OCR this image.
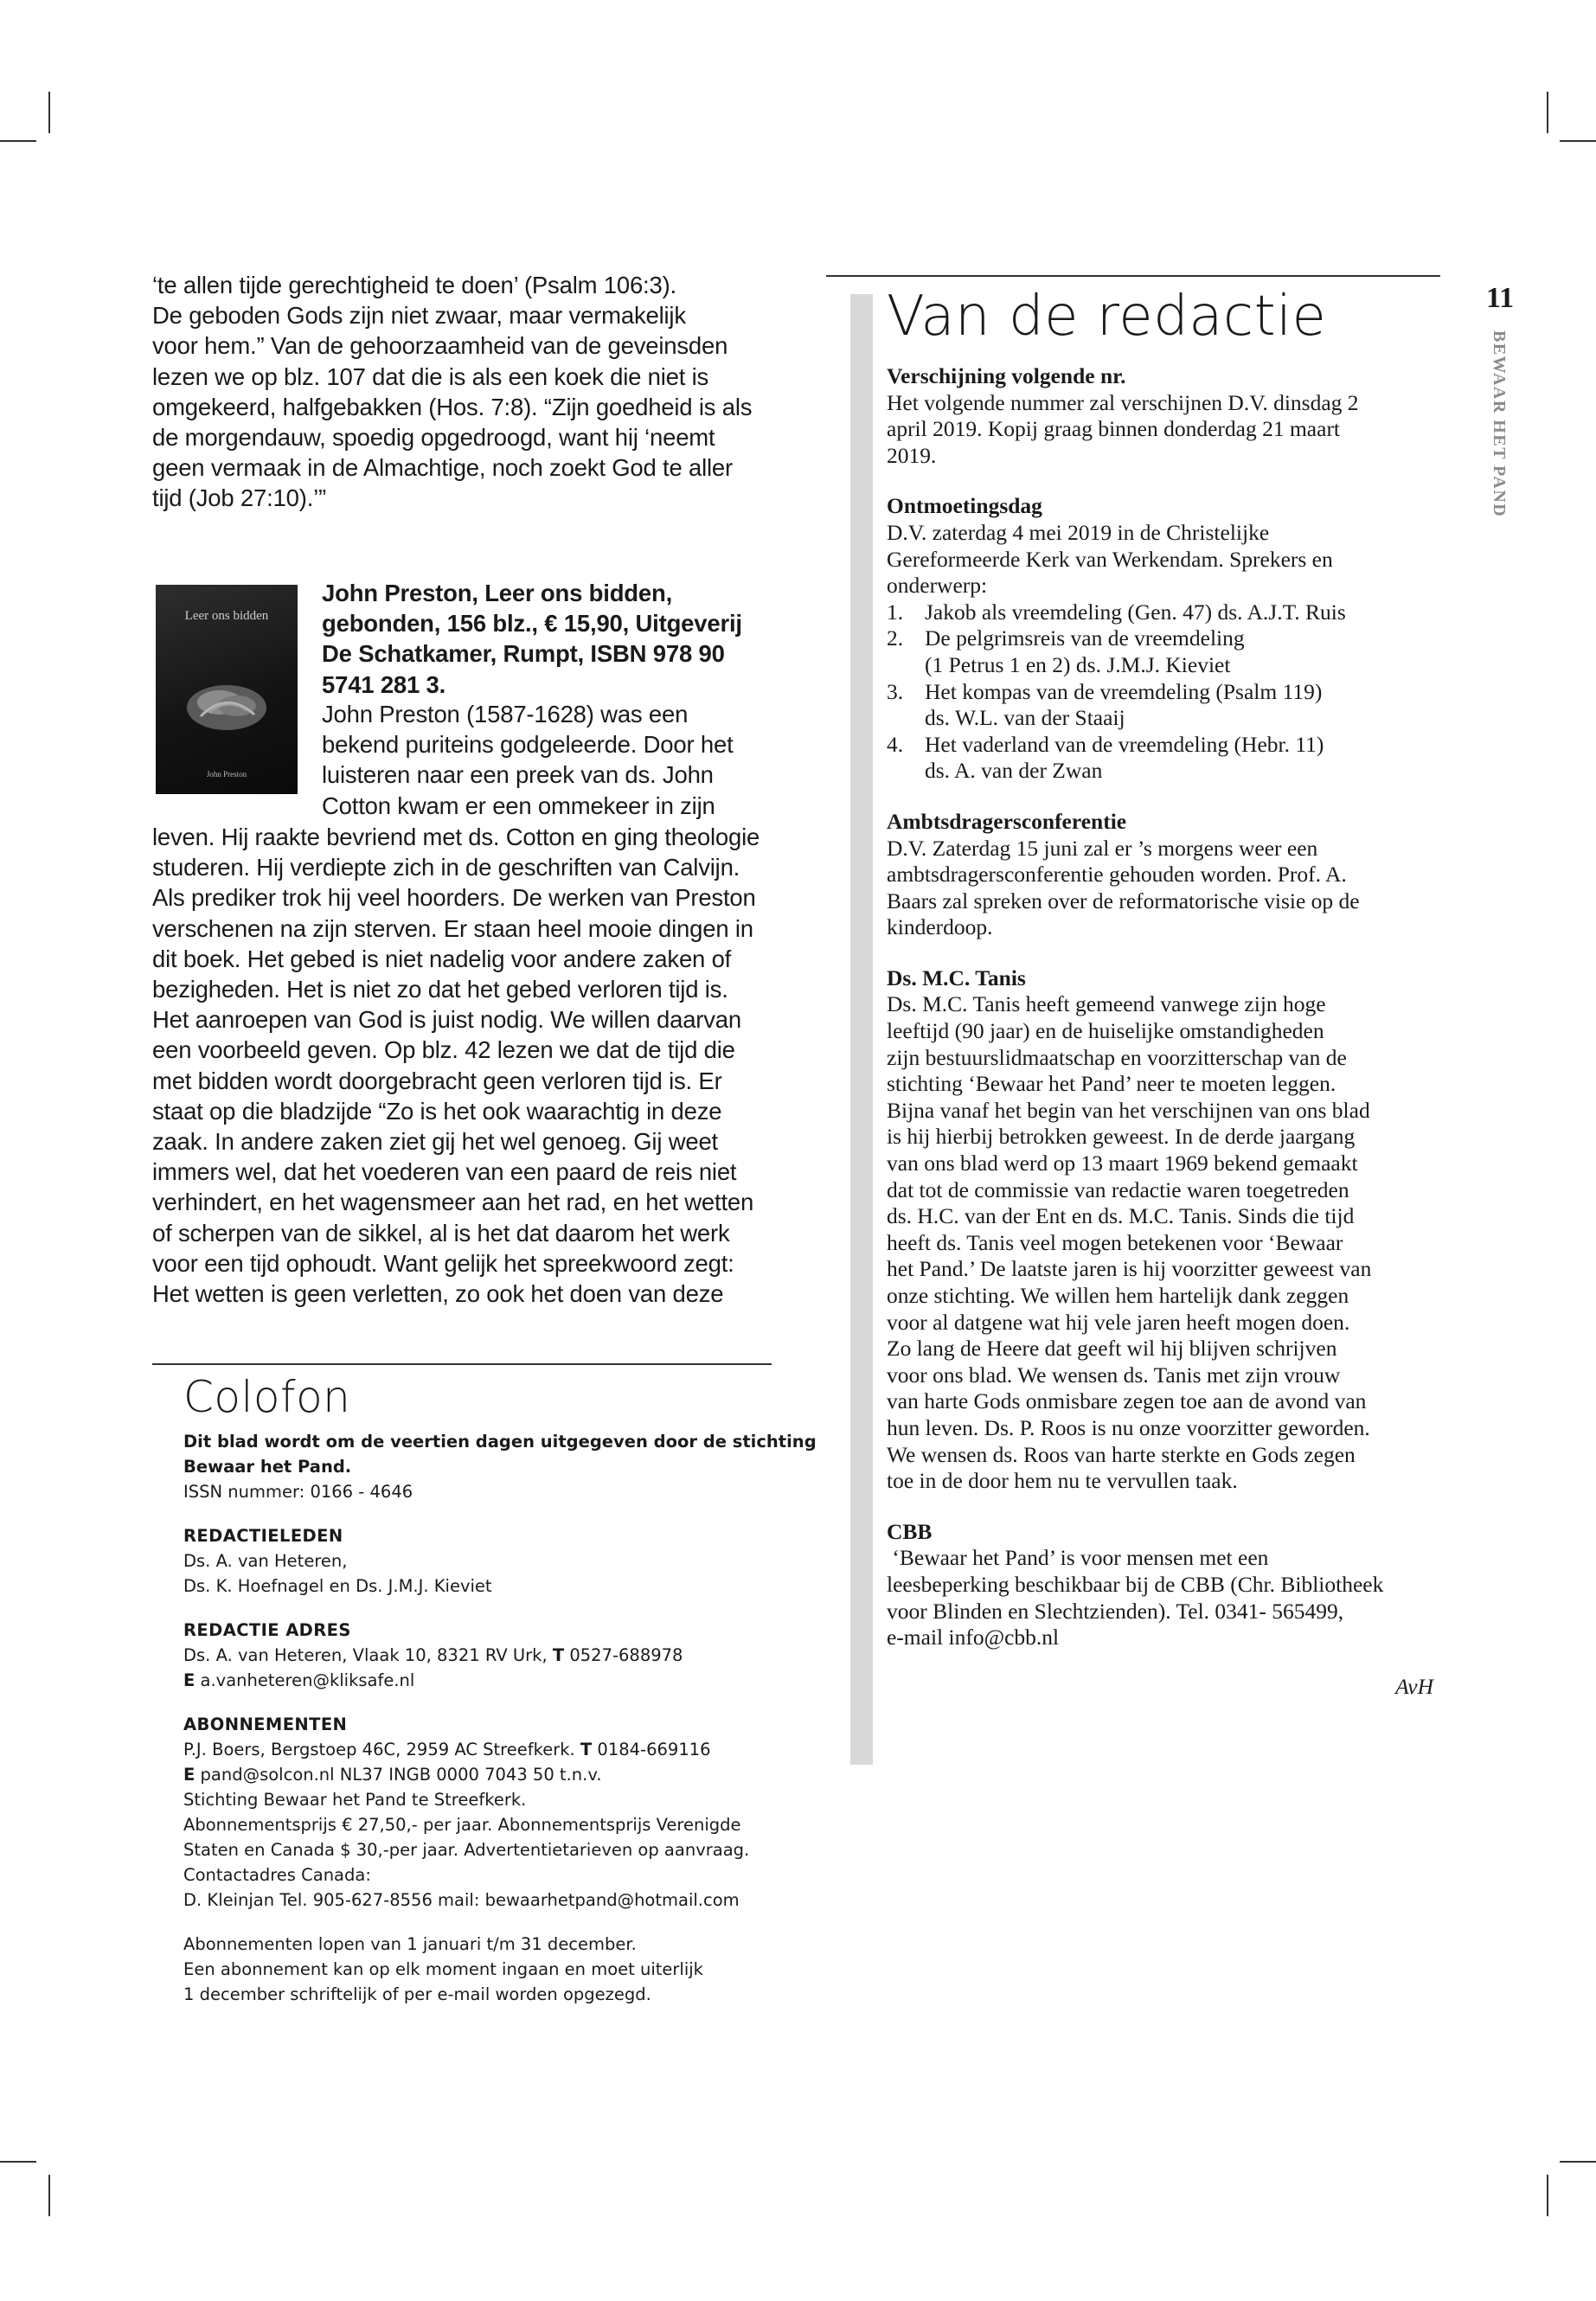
11
BEWAAR HET PAND

‘te allen tijde gerechtigheid te doen’ (Psalm 106:3).
De geboden Gods zijn niet zwaar, maar vermakelijk
voor hem.” Van de gehoorzaamheid van de geveinsden
lezen we op blz. 107 dat die is als een koek die niet is
omgekeerd, halfgebakken (Hos. 7:8). “Zijn goedheid is als
de morgendauw, spoedig opgedroogd, want hij ‘neemt
geen vermaak in de Almachtige, noch zoekt God te aller
tijd (Job 27:10).’”

Leer ons bidden
John Preston
John Preston, Leer ons bidden,
gebonden, 156 blz., € 15,90, Uitgeverij
De Schatkamer, Rumpt, ISBN 978 90
5741 281 3.
John Preston (1587-1628) was een
bekend puriteins godgeleerde. Door het
luisteren naar een preek van ds. John
Cotton kwam er een ommekeer in zijn
leven. Hij raakte bevriend met ds. Cotton en ging theologie
studeren. Hij verdiepte zich in de geschriften van Calvijn.
Als prediker trok hij veel hoorders. De werken van Preston
verschenen na zijn sterven. Er staan heel mooie dingen in
dit boek. Het gebed is niet nadelig voor andere zaken of
bezigheden. Het is niet zo dat het gebed verloren tijd is.
Het aanroepen van God is juist nodig. We willen daarvan
een voorbeeld geven. Op blz. 42 lezen we dat de tijd die
met bidden wordt doorgebracht geen verloren tijd is. Er
staat op die bladzijde “Zo is het ook waarachtig in deze
zaak. In andere zaken ziet gij het wel genoeg. Gij weet
immers wel, dat het voederen van een paard de reis niet
verhindert, en het wagensmeer aan het rad, en het wetten
of scherpen van de sikkel, al is het dat daarom het werk
voor een tijd ophoudt. Want gelijk het spreekwoord zegt:
Het wetten is geen verletten, zo ook het doen van deze
Colofon

Dit blad wordt om de veertien dagen uitgegeven door de stichting
Bewaar het Pand.

ISSN nummer: 0166 - 4646

REDACTIELEDEN

Ds. A. van Heteren,
Ds. K. Hoefnagel en Ds. J.M.J. Kieviet

REDACTIE ADRES

Ds. A. van Heteren, Vlaak 10, 8321 RV Urk, T 0527-688978
E a.vanheteren@kliksafe.nl

ABONNEMENTEN

P.J. Boers, Bergstoep 46C, 2959 AC Streefkerk. T 0184-669116
E pand@solcon.nl NL37 INGB 0000 7043 50 t.n.v.
Stichting Bewaar het Pand te Streefkerk.
Abonnementsprijs € 27,50,- per jaar. Abonnementsprijs Verenigde
Staten en Canada $ 30,-per jaar. Advertentietarieven op aanvraag.
Contactadres Canada:
D. Kleinjan Tel. 905-627-8556 mail: bewaarhetpand@hotmail.com

Abonnementen lopen van 1 januari t/m 31 december.
Een abonnement kan op elk moment ingaan en moet uiterlijk
1 december schriftelijk of per e-mail worden opgezegd.

Van de redactie

Verschijning volgende nr.

Het volgende nummer zal verschijnen D.V. dinsdag 2
april 2019. Kopij graag binnen donderdag 21 maart
2019.

Ontmoetingsdag

D.V. zaterdag 4 mei 2019 in de Christelijke
Gereformeerde Kerk van Werkendam. Sprekers en
onderwerp:

1. Jakob als vreemdeling (Gen. 47) ds. A.J.T. Ruis
2. De pelgrimsreis van de vreemdeling
(1 Petrus 1 en 2) ds. J.M.J. Kieviet
3. Het kompas van de vreemdeling (Psalm 119)
ds. W.L. van der Staaij
4. Het vaderland van de vreemdeling (Hebr. 11)
ds. A. van der Zwan

Ambtsdragersconferentie

D.V. Zaterdag 15 juni zal er ’s morgens weer een
ambtsdragersconferentie gehouden worden. Prof. A.
Baars zal spreken over de reformatorische visie op de
kinderdoop.

Ds. M.C. Tanis

Ds. M.C. Tanis heeft gemeend vanwege zijn hoge
leeftijd (90 jaar) en de huiselijke omstandigheden
zijn bestuurslidmaatschap en voorzitterschap van de
stichting ‘Bewaar het Pand’ neer te moeten leggen.
Bijna vanaf het begin van het verschijnen van ons blad
is hij hierbij betrokken geweest. In de derde jaargang
van ons blad werd op 13 maart 1969 bekend gemaakt
dat tot de commissie van redactie waren toegetreden
ds. H.C. van der Ent en ds. M.C. Tanis. Sinds die tijd
heeft ds. Tanis veel mogen betekenen voor ‘Bewaar
het Pand.’ De laatste jaren is hij voorzitter geweest van
onze stichting. We willen hem hartelijk dank zeggen
voor al datgene wat hij vele jaren heeft mogen doen.
Zo lang de Heere dat geeft wil hij blijven schrijven
voor ons blad. We wensen ds. Tanis met zijn vrouw
van harte Gods onmisbare zegen toe aan de avond van
hun leven. Ds. P. Roos is nu onze voorzitter geworden.
We wensen ds. Roos van harte sterkte en Gods zegen
toe in de door hem nu te vervullen taak.

CBB

‘Bewaar het Pand’ is voor mensen met een
leesbeperking beschikbaar bij de CBB (Chr. Bibliotheek
voor Blinden en Slechtzienden). Tel. 0341- 565499,
e-mail info@cbb.nl

AvH
